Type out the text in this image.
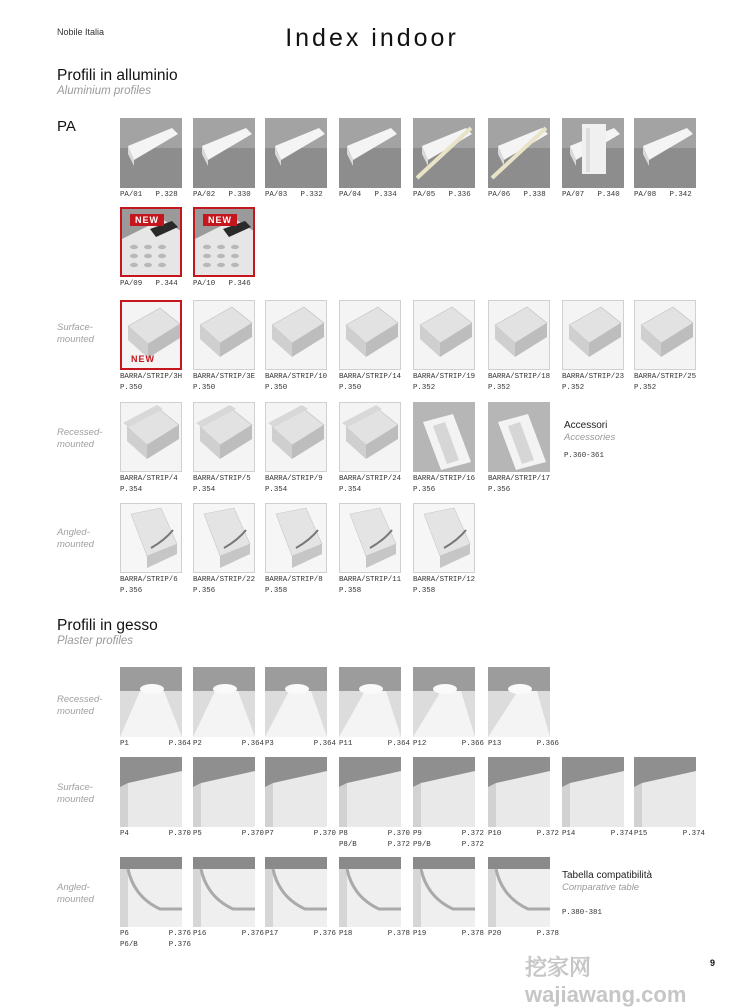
Nobile Italia	Index indoor
Profili in alluminio
Aluminium profiles
PA
Surface-
mounted
Recessed-
mounted
Angled-
mounted
Profili in gesso
Plaster profiles
Recessed-
mounted
Surface-
mounted
Angled-
mounted
Accessori
Accessories
P.360-361
Tabella compatibilità
Comparative table
P.380-381
PA/01   P.328 PA/02   P.330 PA/03   P.332 PA/04   P.334 PA/05   P.336 PA/06   P.338 PA/07   P.340 PA/08   P.342
NEW
PA/09   P.344
NEW
PA/10   P.346
NEW
BARRA/STRIP/3H
P.350
BARRA/STRIP/3E
P.350
BARRA/STRIP/10
P.350
BARRA/STRIP/14
P.350
BARRA/STRIP/19
P.352
BARRA/STRIP/18
P.352
BARRA/STRIP/23
P.352
BARRA/STRIP/25
P.352
BARRA/STRIP/4
P.354
BARRA/STRIP/5
P.354
BARRA/STRIP/9
P.354
BARRA/STRIP/24
P.354
BARRA/STRIP/16
P.356
BARRA/STRIP/17
P.356
BARRA/STRIP/6
P.356
BARRA/STRIP/22
P.356
BARRA/STRIP/8
P.358
BARRA/STRIP/11
P.358
BARRA/STRIP/12
P.358
P1         P.364 P2         P.364 P3         P.364 P11        P.364 P12        P.366 P13        P.366
P4         P.370 P5         P.370 P7         P.370 P8         P.370
P8/B       P.372
P9         P.372
P9/B       P.372
P10        P.372 P14        P.374 P15        P.374
P6         P.376
P6/B       P.376
P16        P.376 P17        P.376 P18        P.378 P19        P.378 P20        P.378
9
挖家网 wajiawang.com
